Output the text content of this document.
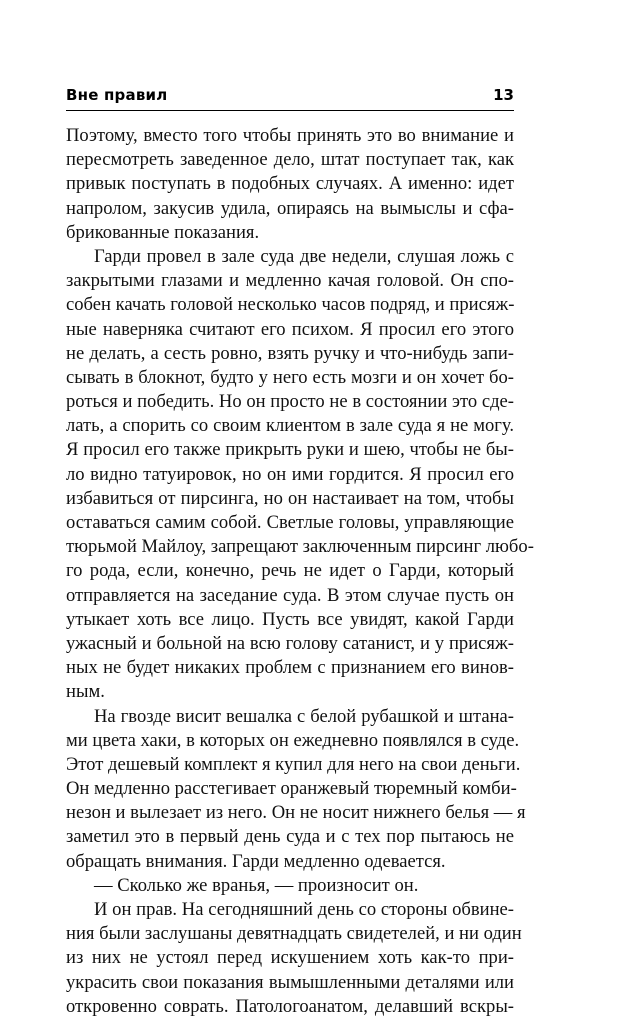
Вне правил	13
Поэтому, вместо того чтобы принять это во внимание и
пересмотреть заведенное дело, штат поступает так, как
привык поступать в подобных случаях. А именно: идет
напролом, закусив удила, опираясь на вымыслы и сфа-
брикованные показания.
Гарди провел в зале суда две недели, слушая ложь с
закрытыми глазами и медленно качая головой. Он спо-
собен качать головой несколько часов подряд, и присяж-
ные наверняка считают его психом. Я просил его этого
не делать, а сесть ровно, взять ручку и что-нибудь запи-
сывать в блокнот, будто у него есть мозги и он хочет бо-
роться и победить. Но он просто не в состоянии это сде-
лать, а спорить со своим клиентом в зале суда я не могу.
Я просил его также прикрыть руки и шею, чтобы не бы-
ло видно татуировок, но он ими гордится. Я просил его
избавиться от пирсинга, но он настаивает на том, чтобы
оставаться самим собой. Светлые головы, управляющие
тюрьмой Майлоу, запрещают заключенным пирсинг любо-
го рода, если, конечно, речь не идет о Гарди, который
отправляется на заседание суда. В этом случае пусть он
утыкает хоть все лицо. Пусть все увидят, какой Гарди
ужасный и больной на всю голову сатанист, и у присяж-
ных не будет никаких проблем с признанием его винов-
ным.
На гвозде висит вешалка с белой рубашкой и штана-
ми цвета хаки, в которых он ежедневно появлялся в суде.
Этот дешевый комплект я купил для него на свои деньги.
Он медленно расстегивает оранжевый тюремный комби-
незон и вылезает из него. Он не носит нижнего белья — я
заметил это в первый день суда и с тех пор пытаюсь не
обращать внимания. Гарди медленно одевается.
— Сколько же вранья, — произносит он.
И он прав. На сегодняшний день со стороны обвине-
ния были заслушаны девятнадцать свидетелей, и ни один
из них не устоял перед искушением хоть как-то при-
украсить свои показания вымышленными деталями или
откровенно соврать. Патологоанатом, делавший вскры-
